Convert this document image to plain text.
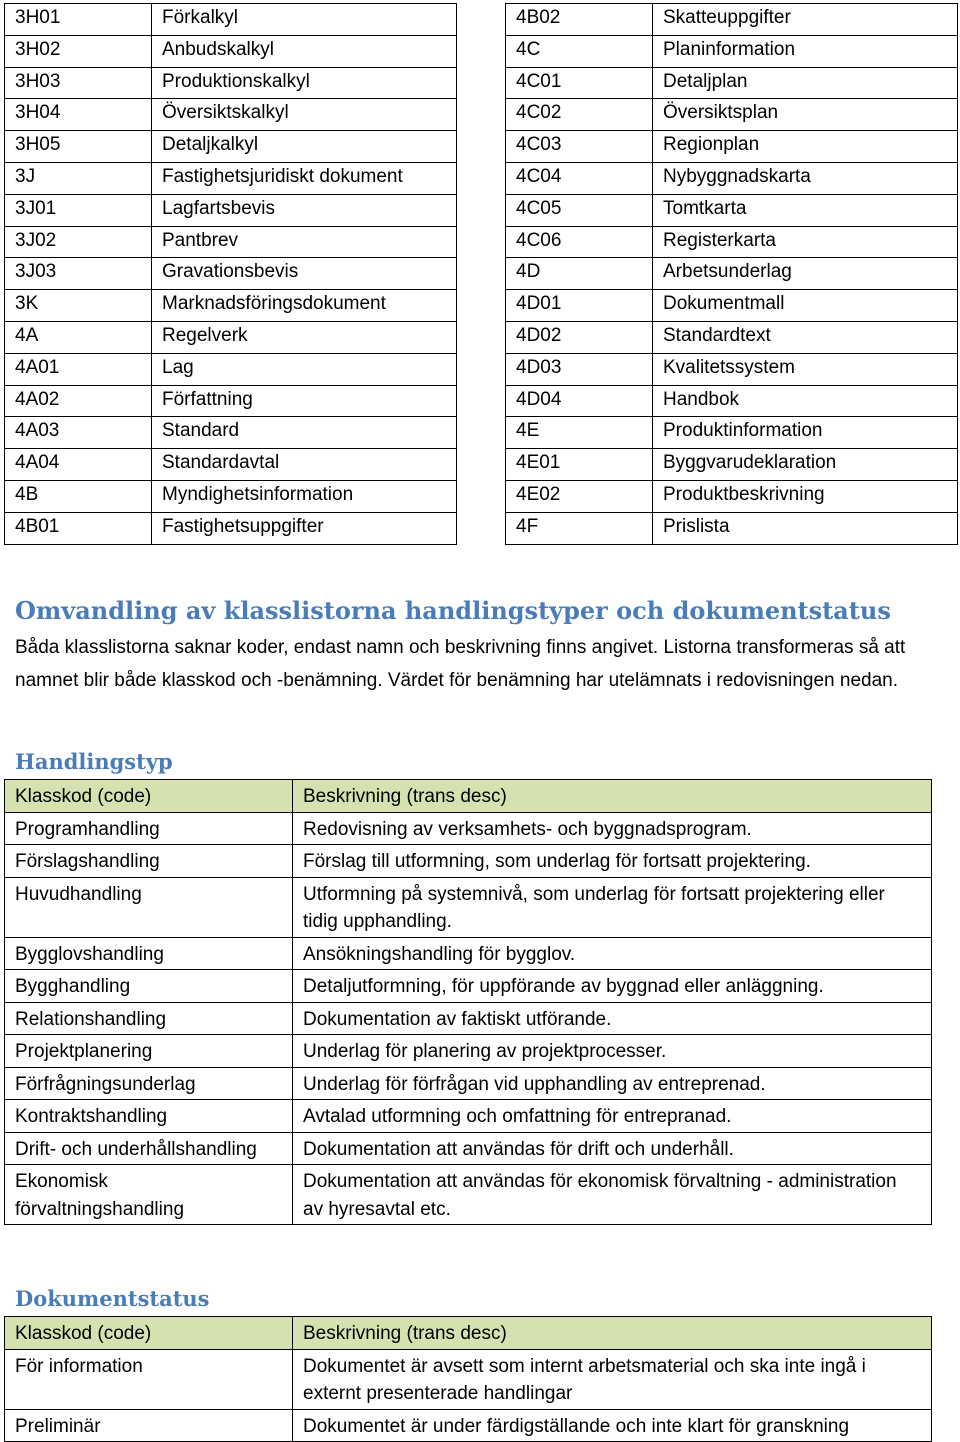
3H01	Förkalkyl
3H02	Anbudskalkyl
3H03	Produktionskalkyl
3H04	Översiktskalkyl
3H05	Detaljkalkyl
3J	Fastighetsjuridiskt dokument
3J01	Lagfartsbevis
3J02	Pantbrev
3J03	Gravationsbevis
3K	Marknadsföringsdokument
4A	Regelverk
4A01	Lag
4A02	Författning
4A03	Standard
4A04	Standardavtal
4B	Myndighetsinformation
4B01	Fastighetsuppgifter
4B02	Skatteuppgifter
4C	Planinformation
4C01	Detaljplan
4C02	Översiktsplan
4C03	Regionplan
4C04	Nybyggnadskarta
4C05	Tomtkarta
4C06	Registerkarta
4D	Arbetsunderlag
4D01	Dokumentmall
4D02	Standardtext
4D03	Kvalitetssystem
4D04	Handbok
4E	Produktinformation
4E01	Byggvarudeklaration
4E02	Produktbeskrivning
4F	Prislista
Omvandling av klasslistorna handlingstyper och dokumentstatus

Båda klasslistorna saknar koder, endast namn och beskrivning finns angivet. Listorna transformeras så att namnet blir både klasskod och -benämning. Värdet för benämning har utelämnats i redovisningen nedan.

Handlingstyp
Klasskod (code)	Beskrivning (trans desc)
Programhandling	Redovisning av verksamhets- och byggnadsprogram.
Förslagshandling	Förslag till utformning, som underlag för fortsatt projektering.
Huvudhandling	Utformning på systemnivå, som underlag för fortsatt projektering eller tidig upphandling.
Bygglovshandling	Ansökningshandling för bygglov.
Bygghandling	Detaljutformning, för uppförande av byggnad eller anläggning.
Relationshandling	Dokumentation av faktiskt utförande.
Projektplanering	Underlag för planering av projektprocesser.
Förfrågningsunderlag	Underlag för förfrågan vid upphandling av entreprenad.
Kontraktshandling	Avtalad utformning och omfattning för entrepranad.
Drift- och underhållshandling	Dokumentation att användas för drift och underhåll.
Ekonomisk förvaltningshandling	Dokumentation att användas för ekonomisk förvaltning - administration av hyresavtal etc.
Dokumentstatus
Klasskod (code)	Beskrivning (trans desc)
För information	Dokumentet är avsett som internt arbetsmaterial och ska inte ingå i externt presenterade handlingar
Preliminär	Dokumentet är under färdigställande och inte klart för granskning
